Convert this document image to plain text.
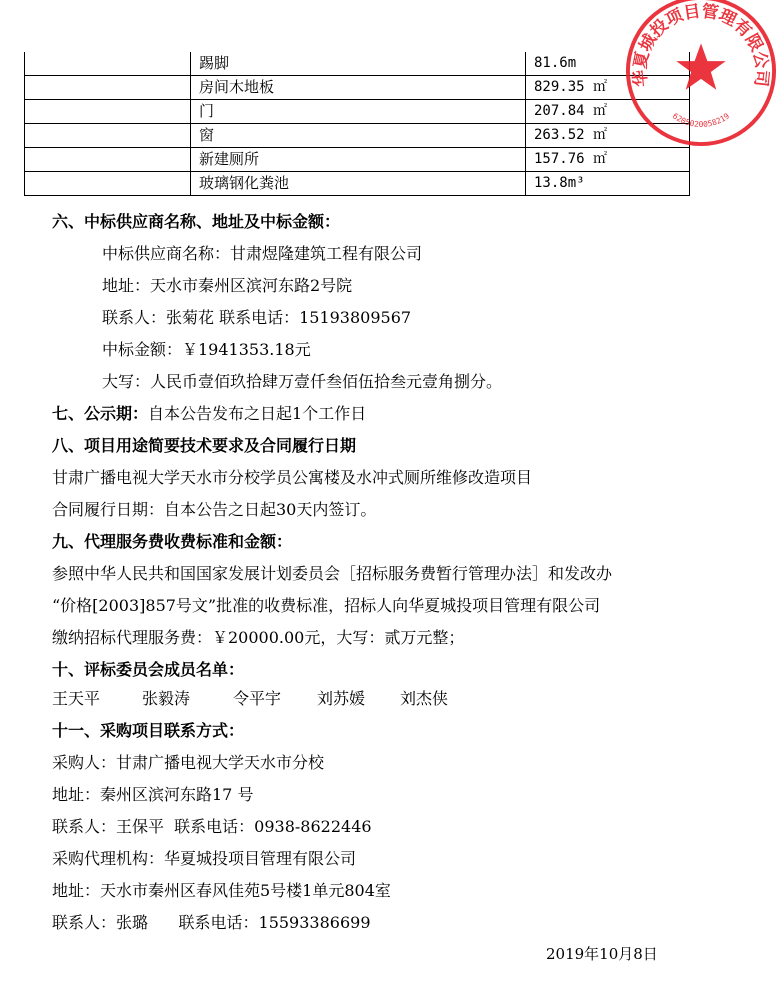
	踢脚	81.6m
	房间木地板	829.35 ㎡
	门	207.84 ㎡
	窗	263.52 ㎡
	新建厕所	157.76 ㎡
	玻璃钢化粪池	13.8m³
六、中标供应商名称、地址及中标金额：
中标供应商名称：甘肃煜隆建筑工程有限公司
地址：天水市秦州区滨河东路2号院
联系人：张菊花 联系电话：15193809567
中标金额：￥1941353.18元
大写：人民币壹佰玖拾肆万壹仟叁佰伍拾叁元壹角捌分。
七、公示期：自本公告发布之日起1个工作日
八、项目用途简要技术要求及合同履行日期
甘肃广播电视大学天水市分校学员公寓楼及水冲式厕所维修改造项目
合同履行日期：自本公告之日起30天内签订。
九、代理服务费收费标准和金额：
参照中华人民共和国国家发展计划委员会［招标服务费暂行管理办法］和发改办
“价格[2003]857号文”批准的收费标准，招标人向华夏城投项目管理有限公司
缴纳招标代理服务费：￥20000.00元，大写：贰万元整；
十、评标委员会成员名单：
王天平	张毅涛	令平宇 刘苏媛 刘杰侠
十一、采购项目联系方式：
采购人：甘肃广播电视大学天水市分校
地址：秦州区滨河东路17 号
联系人：王保平  联系电话：0938-8622446
采购代理机构：华夏城投项目管理有限公司
地址：天水市秦州区春风佳苑5号楼1单元804室
联系人：张璐      联系电话：15593386699
2019年10月8日
华夏城投项目管理有限公司
6205020058219
